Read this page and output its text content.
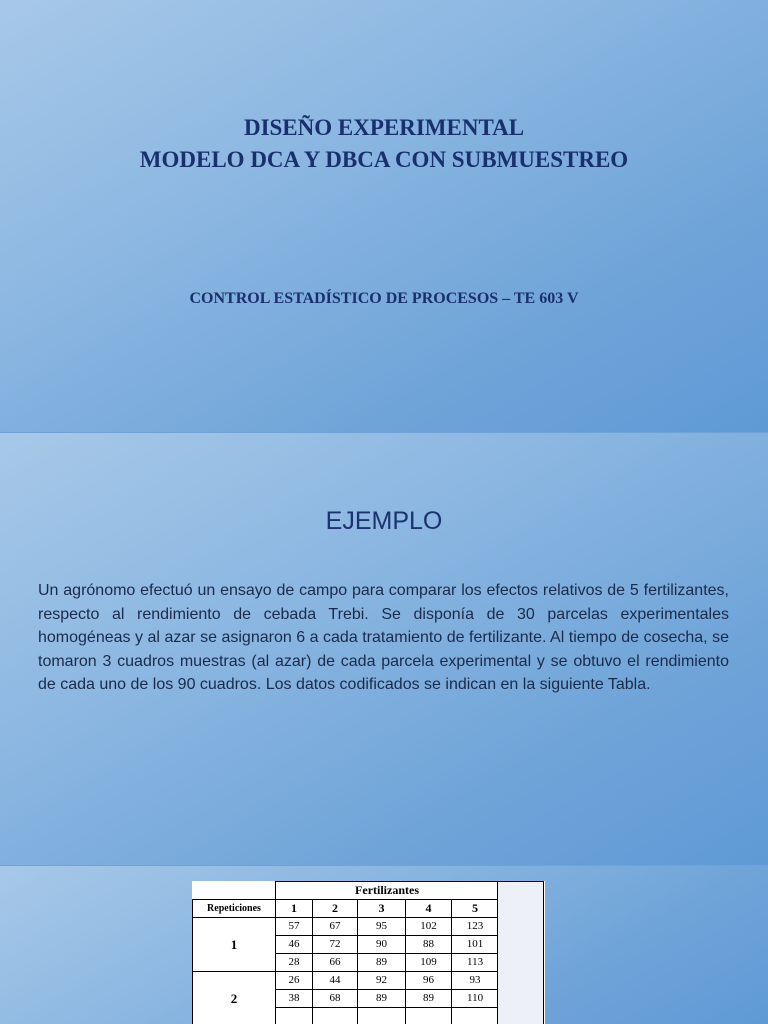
DISEÑO EXPERIMENTAL
MODELO DCA Y DBCA CON SUBMUESTREO

CONTROL ESTADÍSTICO DE PROCESOS – TE 603 V

EJEMPLO

Un agrónomo efectuó un ensayo de campo para comparar los efectos relativos de 5 fertilizantes, respecto al rendimiento de cebada Trebi. Se disponía de 30 parcelas experimentales homogéneas y al azar se asignaron 6 a cada tratamiento de fertilizante. Al tiempo de cosecha, se tomaron 3 cuadros muestras (al azar) de cada parcela experimental y se obtuvo el rendimiento de cada uno de los 90 cuadros. Los datos codificados se indican en la siguiente Tabla.

	Fertilizantes				
Repeticiones	1	2	3	4	5
1	57	67	95	102	123
	46	72	90	88	101
	28	66	89	109	113
2	26	44	92	96	93
	38	68	89	89	110
